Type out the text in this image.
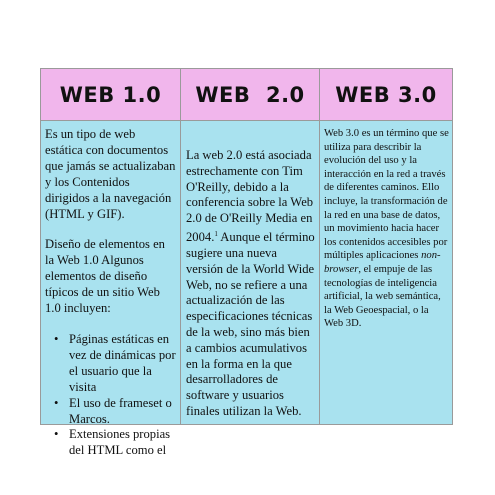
WEB 1.0 WEB  2.0 WEB 3.0

Es un tipo de web estática con documentos que jamás se actualizaban y los Contenidos dirigidos a la navegación (HTML y GIF).

Diseño de elementos en la Web 1.0 Algunos elementos de diseño típicos de un sitio Web 1.0 incluyen:

• Páginas estáticas en vez de dinámicas por el usuario que la visita
• El uso de frameset o Marcos.
• Extensiones propias del HTML como el

La web 2.0 está asociada estrechamente con Tim O'Reilly, debido a la conferencia sobre la Web 2.0 de O'Reilly Media en 2004.$^1$ Aunque el término sugiere una nueva versión de la World Wide Web, no se refiere a una actualización de las especificaciones técnicas de la web, sino más bien a cambios acumulativos en la forma en la que desarrolladores de software y usuarios finales utilizan la Web.

Web 3.0 es un término que se utiliza para describir la evolución del uso y la interacción en la red a través de diferentes caminos. Ello incluye, la transformación de la red en una base de datos, un movimiento hacia hacer los contenidos accesibles por múltiples aplicaciones non-browser, el empuje de las tecnologías de inteligencia artificial, la web semántica, la Web Geoespacial, o la Web 3D.
